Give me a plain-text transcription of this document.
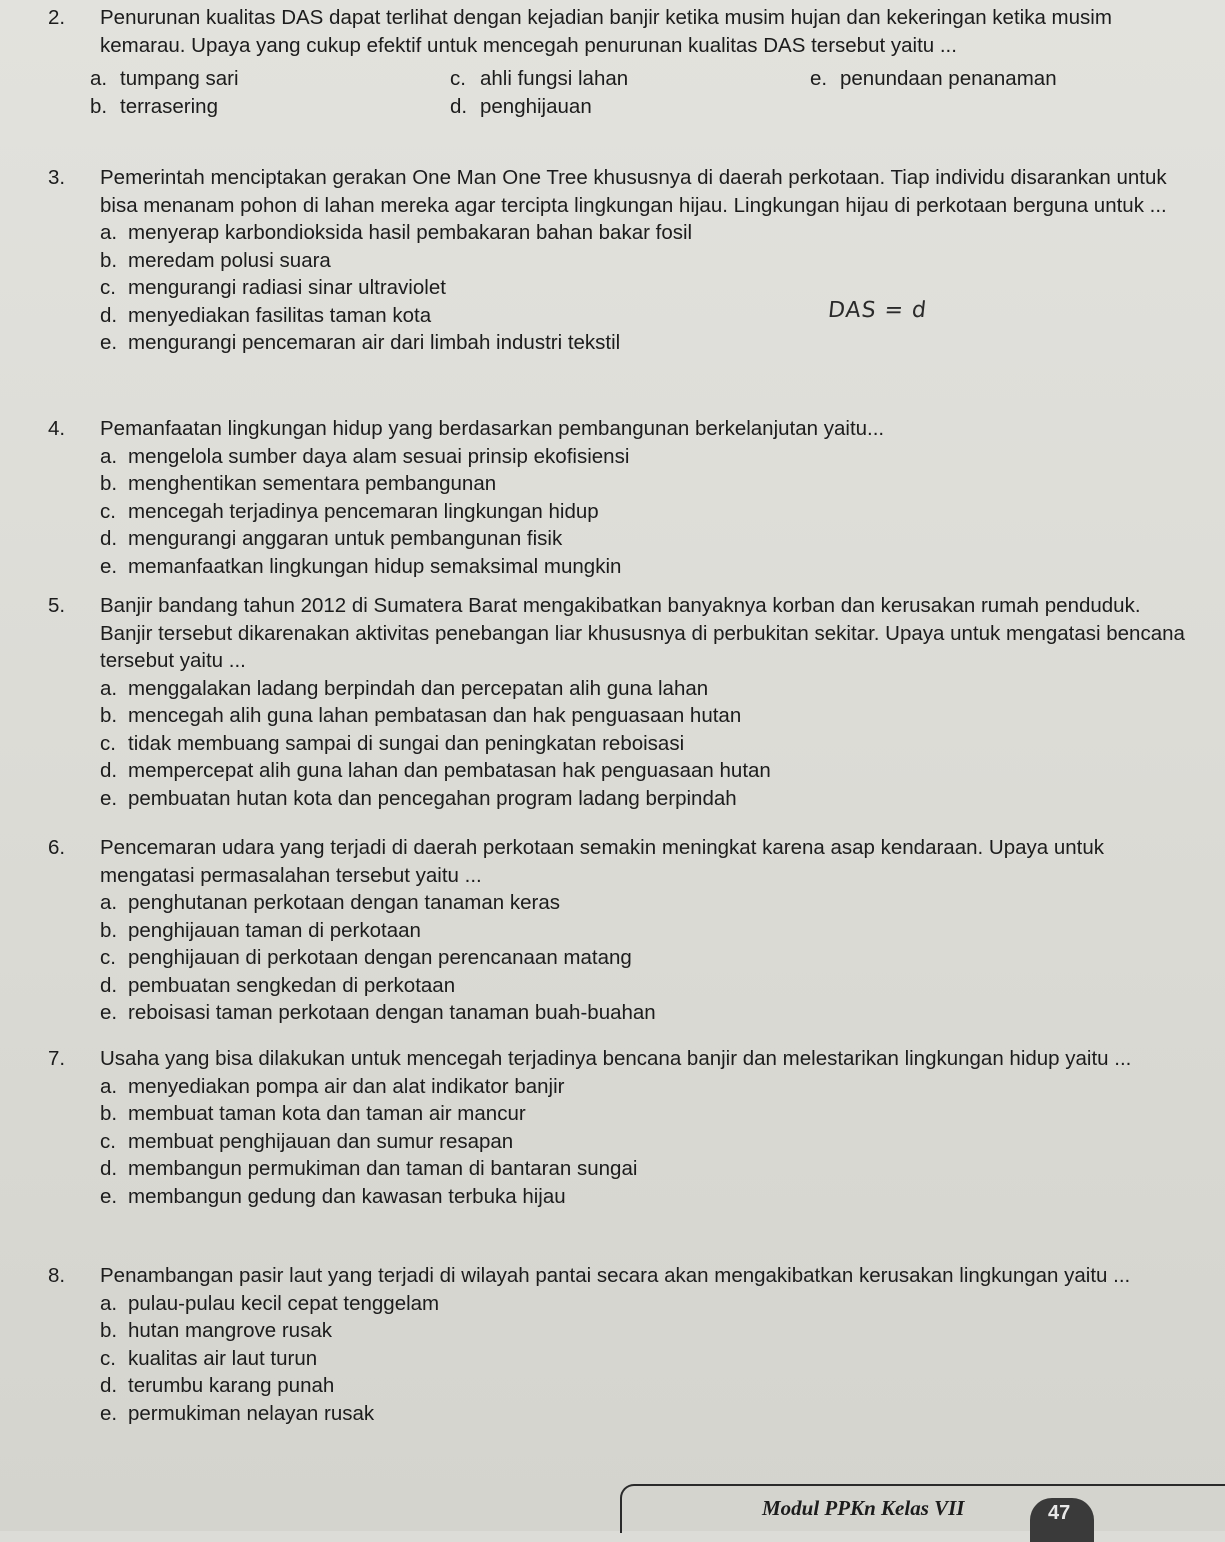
2. Penurunan kualitas DAS dapat terlihat dengan kejadian banjir ketika musim hujan dan kekeringan ketika musim kemarau. Upaya yang cukup efektif untuk mencegah penurunan kualitas DAS tersebut yaitu ...
a. tumpang sari	c. ahli fungsi lahan	e. penundaan penanaman
b. terrasering	d. penghijauan
3. Pemerintah menciptakan gerakan One Man One Tree khususnya di daerah perkotaan. Tiap individu disarankan untuk bisa menanam pohon di lahan mereka agar tercipta lingkungan hijau. Lingkungan hijau di perkotaan berguna untuk ...
a. menyerap karbondioksida hasil pembakaran bahan bakar fosil
b. meredam polusi suara
c. mengurangi radiasi sinar ultraviolet
d. menyediakan fasilitas taman kota
e. mengurangi pencemaran air dari limbah industri tekstil
DAS = d
4. Pemanfaatan lingkungan hidup yang berdasarkan pembangunan berkelanjutan yaitu...
a. mengelola sumber daya alam sesuai prinsip ekofisiensi
b. menghentikan sementara pembangunan
c. mencegah terjadinya pencemaran lingkungan hidup
d. mengurangi anggaran untuk pembangunan fisik
e. memanfaatkan lingkungan hidup semaksimal mungkin
5. Banjir bandang tahun 2012 di Sumatera Barat mengakibatkan banyaknya korban dan kerusakan rumah penduduk. Banjir tersebut dikarenakan aktivitas penebangan liar khususnya di perbukitan sekitar. Upaya untuk mengatasi bencana tersebut yaitu ...
a. menggalakan ladang berpindah dan percepatan alih guna lahan
b. mencegah alih guna lahan pembatasan dan hak penguasaan hutan
c. tidak membuang sampai di sungai dan peningkatan reboisasi
d. mempercepat alih guna lahan dan pembatasan hak penguasaan hutan
e. pembuatan hutan kota dan pencegahan program ladang berpindah
6. Pencemaran udara yang terjadi di daerah perkotaan semakin meningkat karena asap kendaraan. Upaya untuk mengatasi permasalahan tersebut yaitu ...
a. penghutanan perkotaan dengan tanaman keras
b. penghijauan taman di perkotaan
c. penghijauan di perkotaan dengan perencanaan matang
d. pembuatan sengkedan di perkotaan
e. reboisasi taman perkotaan dengan tanaman buah-buahan
7. Usaha yang bisa dilakukan untuk mencegah terjadinya bencana banjir dan melestarikan lingkungan hidup yaitu ...
a. menyediakan pompa air dan alat indikator banjir
b. membuat taman kota dan taman air mancur
c. membuat penghijauan dan sumur resapan
d. membangun permukiman dan taman di bantaran sungai
e. membangun gedung dan kawasan terbuka hijau
8. Penambangan pasir laut yang terjadi di wilayah pantai secara akan mengakibatkan kerusakan lingkungan yaitu ...
a. pulau-pulau kecil cepat tenggelam
b. hutan mangrove rusak
c. kualitas air laut turun
d. terumbu karang punah
e. permukiman nelayan rusak
Modul PPKn Kelas VII	47
